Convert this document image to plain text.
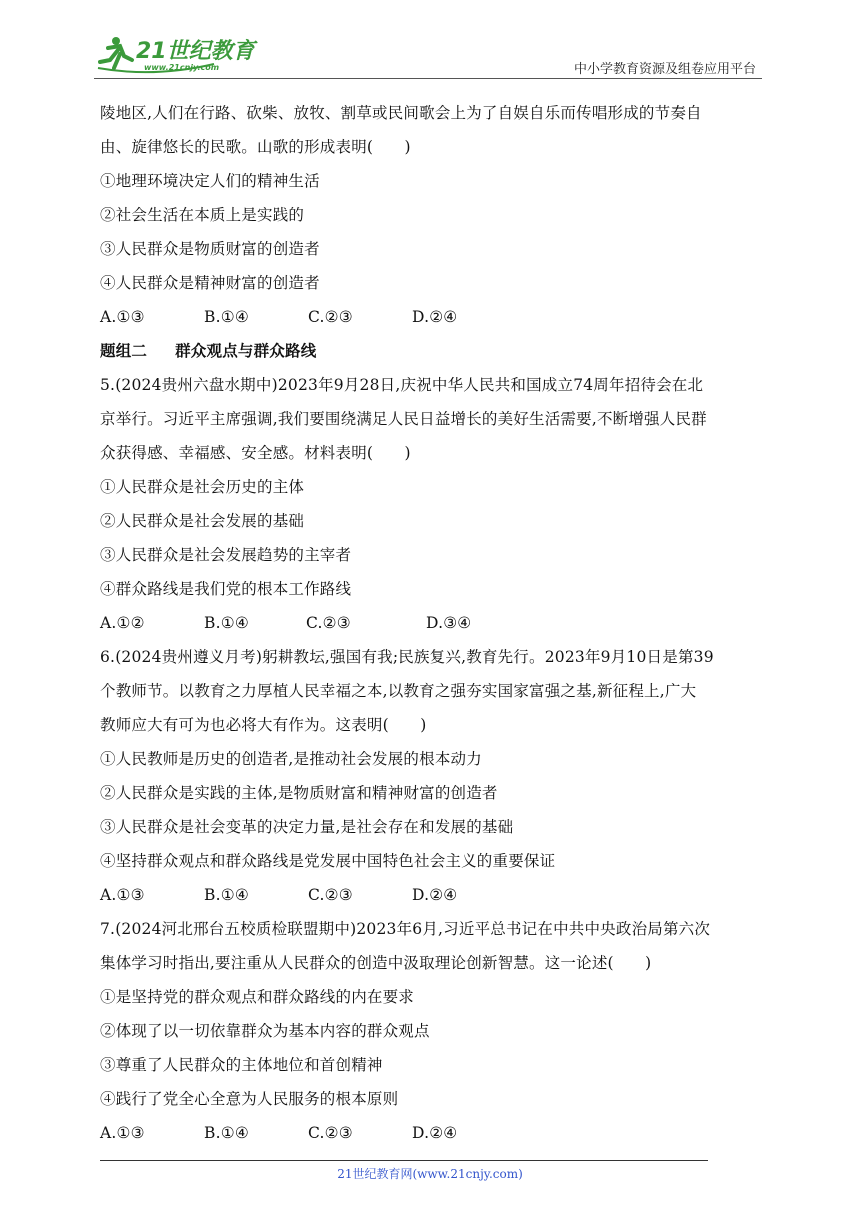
21世纪教育
www.21cnjy.com	中小学教育资源及组卷应用平台
陵地区,人们在行路、砍柴、放牧、割草或民间歌会上为了自娱自乐而传唱形成的节奏自
由、旋律悠长的民歌。山歌的形成表明(　　)
①地理环境决定人们的精神生活
②社会生活在本质上是实践的
③人民群众是物质财富的创造者
④人民群众是精神财富的创造者
A.①③	B.①④	C.②③	D.②④
题组二 群众观点与群众路线
5.(2024贵州六盘水期中)2023年9月28日,庆祝中华人民共和国成立74周年招待会在北
京举行。习近平主席强调,我们要围绕满足人民日益增长的美好生活需要,不断增强人民群
众获得感、幸福感、安全感。材料表明(　　)
①人民群众是社会历史的主体
②人民群众是社会发展的基础
③人民群众是社会发展趋势的主宰者
④群众路线是我们党的根本工作路线
A.①②	B.①④	C.②③	D.③④
6.(2024贵州遵义月考)躬耕教坛,强国有我;民族复兴,教育先行。2023年9月10日是第39
个教师节。以教育之力厚植人民幸福之本,以教育之强夯实国家富强之基,新征程上,广大
教师应大有可为也必将大有作为。这表明(　　)
①人民教师是历史的创造者,是推动社会发展的根本动力
②人民群众是实践的主体,是物质财富和精神财富的创造者
③人民群众是社会变革的决定力量,是社会存在和发展的基础
④坚持群众观点和群众路线是党发展中国特色社会主义的重要保证
A.①③	B.①④	C.②③	D.②④
7.(2024河北邢台五校质检联盟期中)2023年6月,习近平总书记在中共中央政治局第六次
集体学习时指出,要注重从人民群众的创造中汲取理论创新智慧。这一论述(　　)
①是坚持党的群众观点和群众路线的内在要求
②体现了以一切依靠群众为基本内容的群众观点
③尊重了人民群众的主体地位和首创精神
④践行了党全心全意为人民服务的根本原则
A.①③	B.①④	C.②③	D.②④
21世纪教育网(www.21cnjy.com)
